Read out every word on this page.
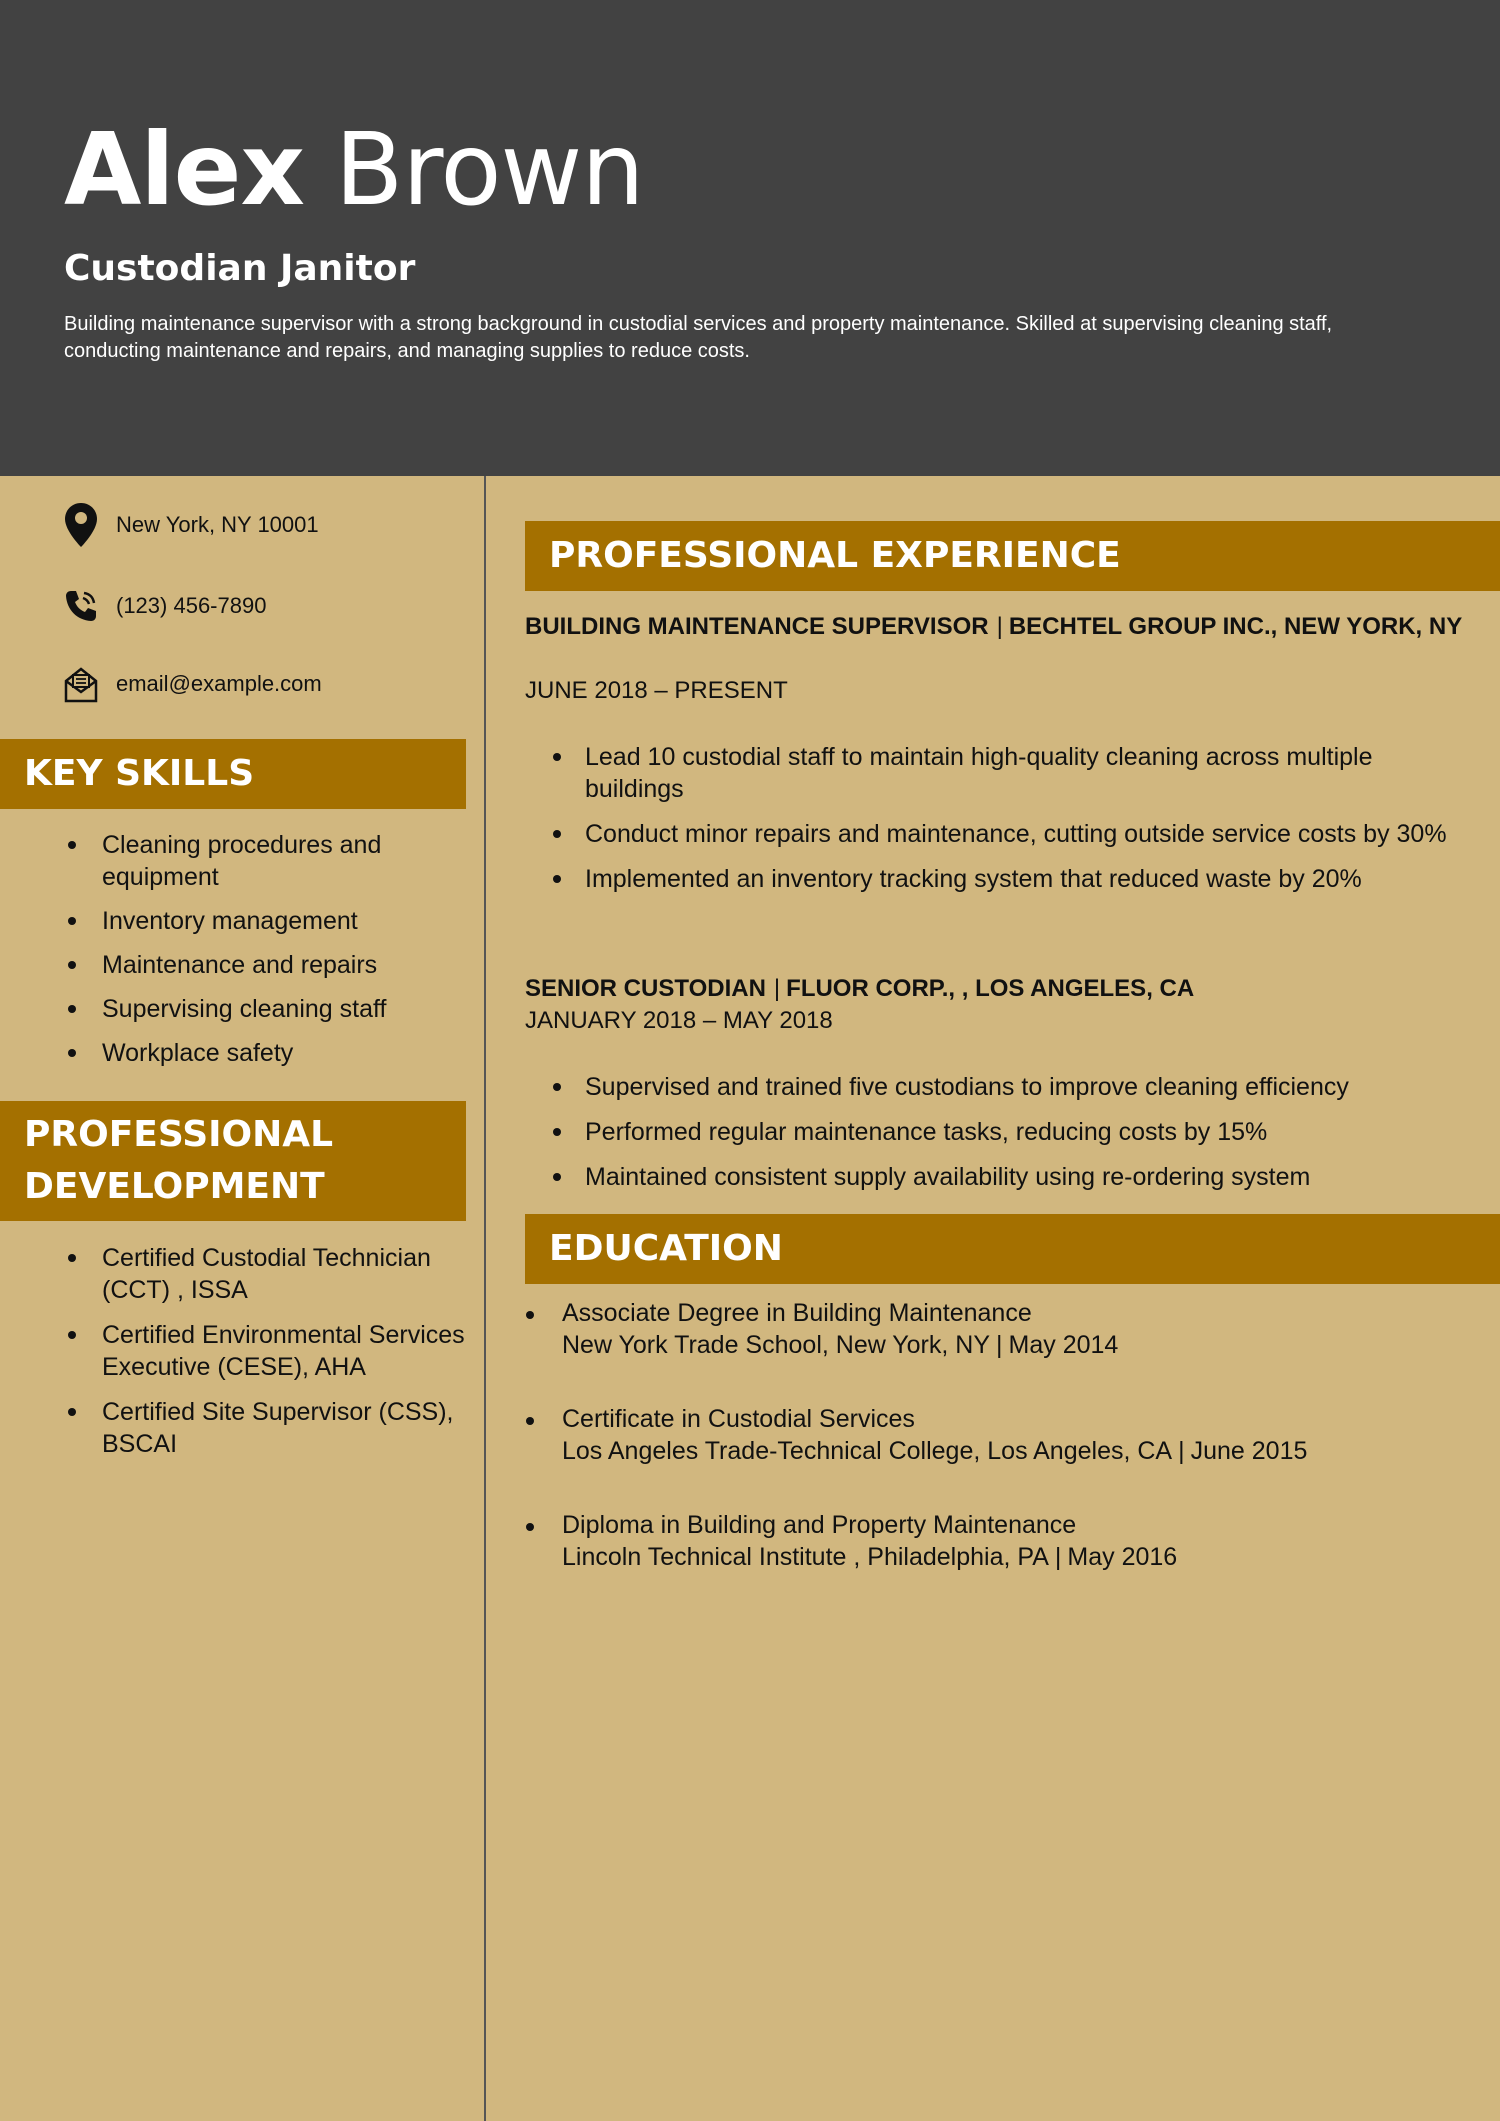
Alex Brown
Custodian Janitor
Building maintenance supervisor with a strong background in custodial services and property maintenance. Skilled at supervising cleaning staff, conducting maintenance and repairs, and managing supplies to reduce costs.
New York, NY 10001
(123) 456-7890
email@example.com
KEY SKILLS
Cleaning procedures and equipment
Inventory management
Maintenance and repairs
Supervising cleaning staff
Workplace safety
PROFESSIONAL
DEVELOPMENT
Certified Custodial Technician (CCT) , ISSA
Certified Environmental Services Executive (CESE), AHA
Certified Site Supervisor (CSS), BSCAI
PROFESSIONAL EXPERIENCE
BUILDING MAINTENANCE SUPERVISOR | BECHTEL GROUP INC., NEW YORK, NY
JUNE 2018 – PRESENT
Lead 10 custodial staff to maintain high-quality cleaning across multiple buildings
Conduct minor repairs and maintenance, cutting outside service costs by 30%
Implemented an inventory tracking system that reduced waste by 20%
SENIOR CUSTODIAN | FLUOR CORP., , LOS ANGELES, CA
JANUARY 2018 – MAY 2018
Supervised and trained five custodians to improve cleaning efficiency
Performed regular maintenance tasks, reducing costs by 15%
Maintained consistent supply availability using re-ordering system
EDUCATION
Associate Degree in Building Maintenance
New York Trade School, New York, NY | May 2014
Certificate in Custodial Services
Los Angeles Trade-Technical College, Los Angeles, CA | June 2015
Diploma in Building and Property Maintenance
Lincoln Technical Institute , Philadelphia, PA | May 2016
